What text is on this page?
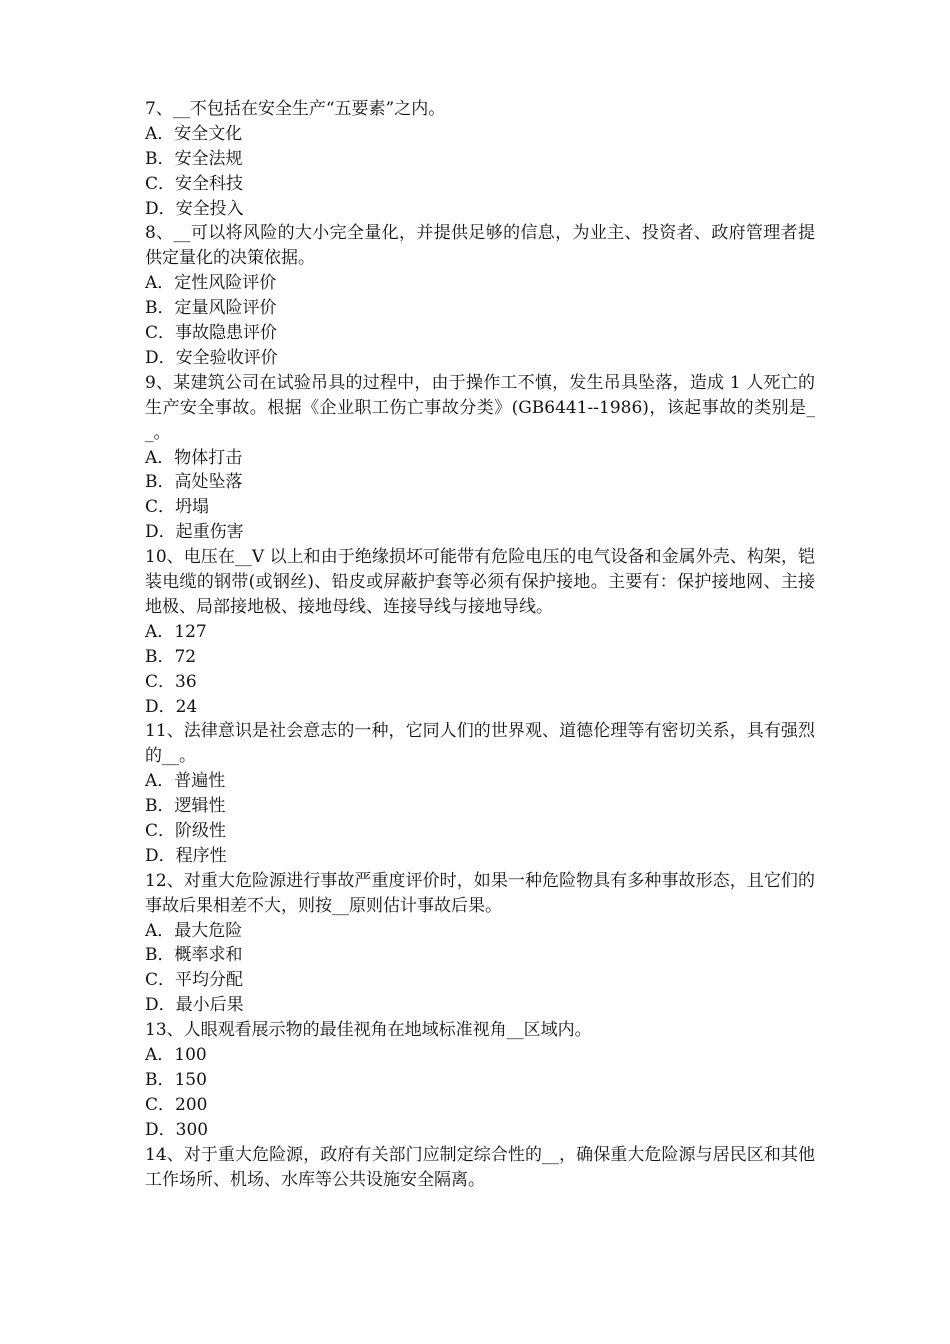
7、__不包括在安全生产“五要素”之内。
A．安全文化
B．安全法规
C．安全科技
D．安全投入
8、__可以将风险的大小完全量化，并提供足够的信息，为业主、投资者、政府管理者提供定量化的决策依据。
A．定性风险评价
B．定量风险评价
C．事故隐患评价
D．安全验收评价
9、某建筑公司在试验吊具的过程中，由于操作工不慎，发生吊具坠落，造成 1 人死亡的生产安全事故。根据《企业职工伤亡事故分类》(GB6441--1986)，该起事故的类别是__。
A．物体打击
B．高处坠落
C．坍塌
D．起重伤害
10、电压在__V 以上和由于绝缘损坏可能带有危险电压的电气设备和金属外壳、构架，铠装电缆的钢带(或钢丝)、铅皮或屏蔽护套等必须有保护接地。主要有：保护接地网、主接地极、局部接地极、接地母线、连接导线与接地导线。
A．127
B．72
C．36
D．24
11、法律意识是社会意志的一种，它同人们的世界观、道德伦理等有密切关系，具有强烈的__。
A．普遍性
B．逻辑性
C．阶级性
D．程序性
12、对重大危险源进行事故严重度评价时，如果一种危险物具有多种事故形态，且它们的事故后果相差不大，则按__原则估计事故后果。
A．最大危险
B．概率求和
C．平均分配
D．最小后果
13、人眼观看展示物的最佳视角在地域标准视角__区域内。
A．100
B．150
C．200
D．300
14、对于重大危险源，政府有关部门应制定综合性的__，确保重大危险源与居民区和其他工作场所、机场、水库等公共设施安全隔离。
